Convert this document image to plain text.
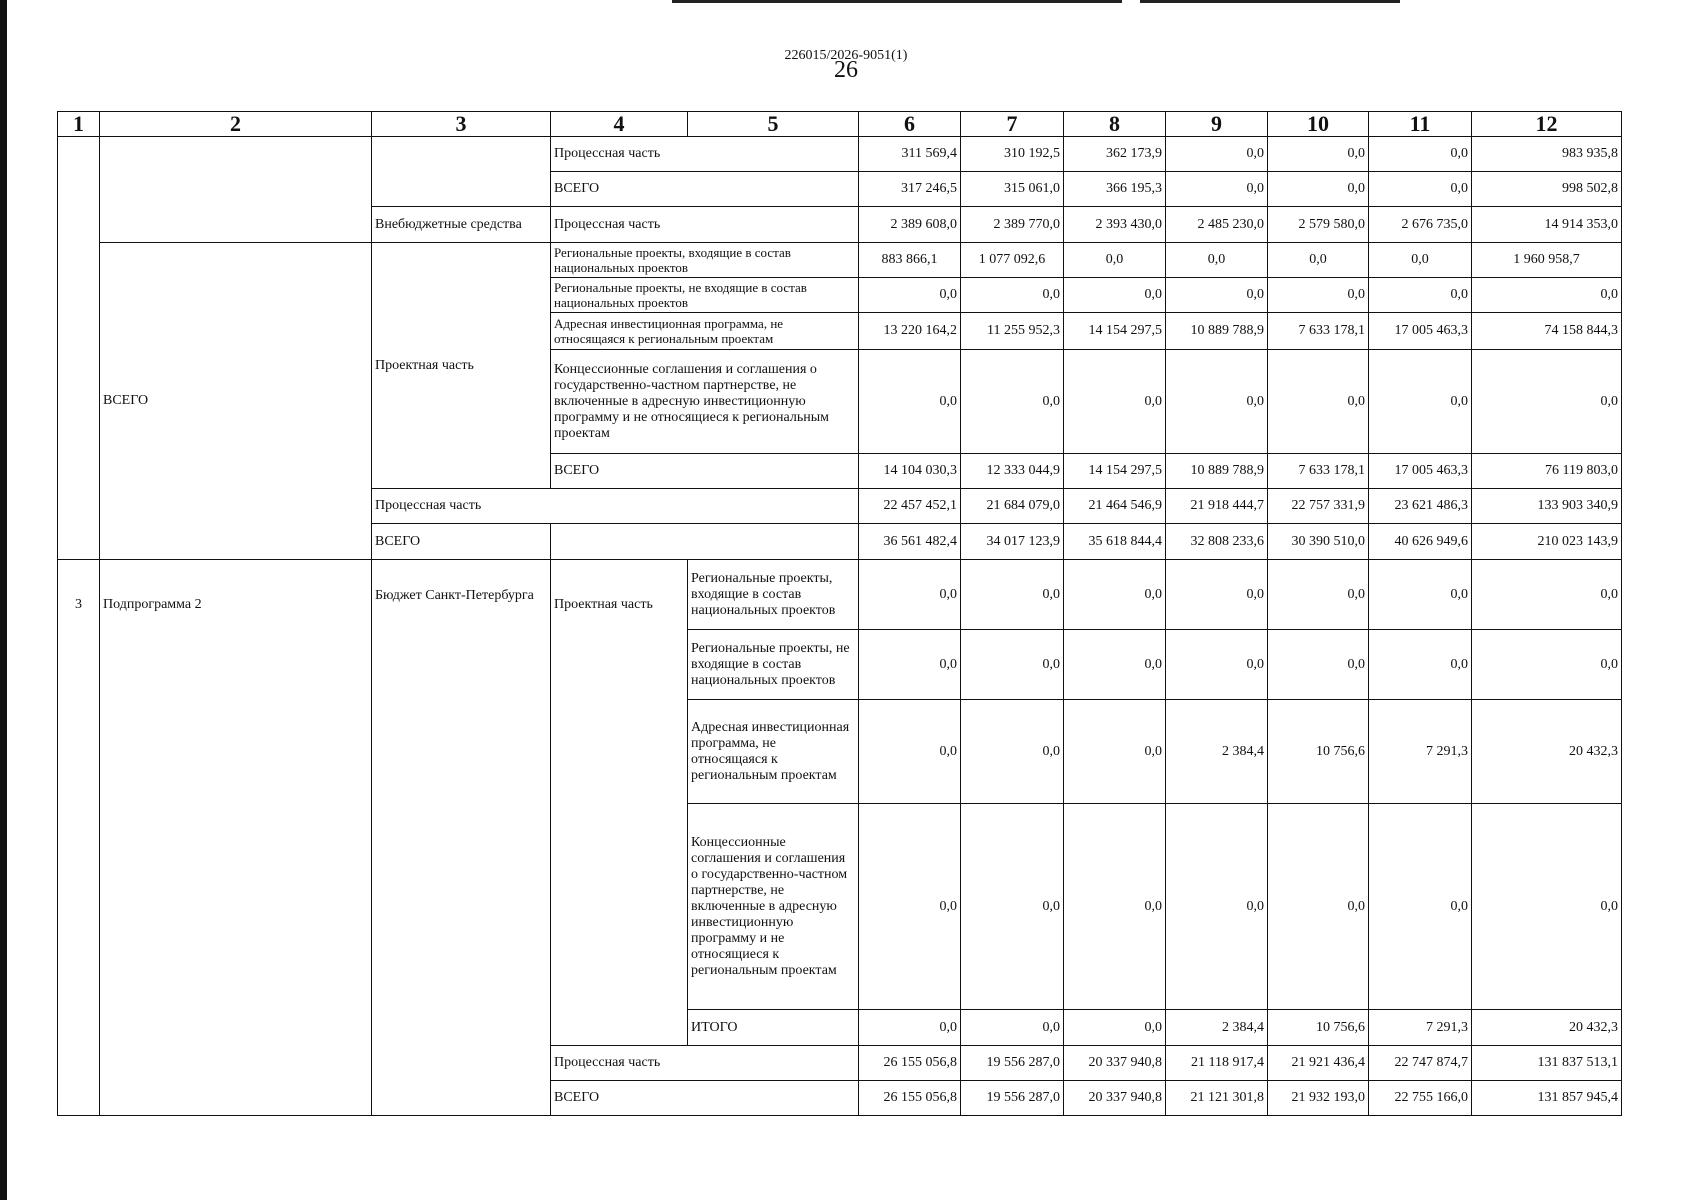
226015/2026-9051(1)
26
1	2	3	4	5	6	7	8	9	10	11	12
			Процессная часть		311 569,4	310 192,5	362 173,9	0,0	0,0	0,0	983 935,8
			ВСЕГО		317 246,5	315 061,0	366 195,3	0,0	0,0	0,0	998 502,8
		Внебюджетные средства	Процессная часть		2 389 608,0	2 389 770,0	2 393 430,0	2 485 230,0	2 579 580,0	2 676 735,0	14 914 353,0
	ВСЕГО	Проектная часть	Региональные проекты, входящие в состав национальных проектов		883 866,1	1 077 092,6	0,0	0,0	0,0	0,0	1 960 958,7
			Региональные проекты, не входящие в состав национальных проектов		0,0	0,0	0,0	0,0	0,0	0,0	0,0
			Адресная инвестиционная программа, не относящаяся к региональным проектам		13 220 164,2	11 255 952,3	14 154 297,5	10 889 788,9	7 633 178,1	17 005 463,3	74 158 844,3
			Концессионные соглашения и соглашения о государственно-частном партнерстве, не включенные в адресную инвестиционную программу и не относящиеся к региональным проектам		0,0	0,0	0,0	0,0	0,0	0,0	0,0
			ВСЕГО		14 104 030,3	12 333 044,9	14 154 297,5	10 889 788,9	7 633 178,1	17 005 463,3	76 119 803,0
		Процессная часть			22 457 452,1	21 684 079,0	21 464 546,9	21 918 444,7	22 757 331,9	23 621 486,3	133 903 340,9
		ВСЕГО			36 561 482,4	34 017 123,9	35 618 844,4	32 808 233,6	30 390 510,0	40 626 949,6	210 023 143,9
3	Подпрограмма 2	Бюджет Санкт-Петербурга	Проектная часть	Региональные проекты, входящие в состав национальных проектов	0,0	0,0	0,0	0,0	0,0	0,0	0,0
				Региональные проекты, не входящие в состав национальных проектов	0,0	0,0	0,0	0,0	0,0	0,0	0,0
				Адресная инвестиционная программа, не относящаяся к региональным проектам	0,0	0,0	0,0	2 384,4	10 756,6	7 291,3	20 432,3
				Концессионные соглашения и соглашения о государственно-частном партнерстве, не включенные в адресную инвестиционную программу и не относящиеся к региональным проектам	0,0	0,0	0,0	0,0	0,0	0,0	0,0
				ИТОГО	0,0	0,0	0,0	2 384,4	10 756,6	7 291,3	20 432,3
			Процессная часть		26 155 056,8	19 556 287,0	20 337 940,8	21 118 917,4	21 921 436,4	22 747 874,7	131 837 513,1
			ВСЕГО		26 155 056,8	19 556 287,0	20 337 940,8	21 121 301,8	21 932 193,0	22 755 166,0	131 857 945,4
